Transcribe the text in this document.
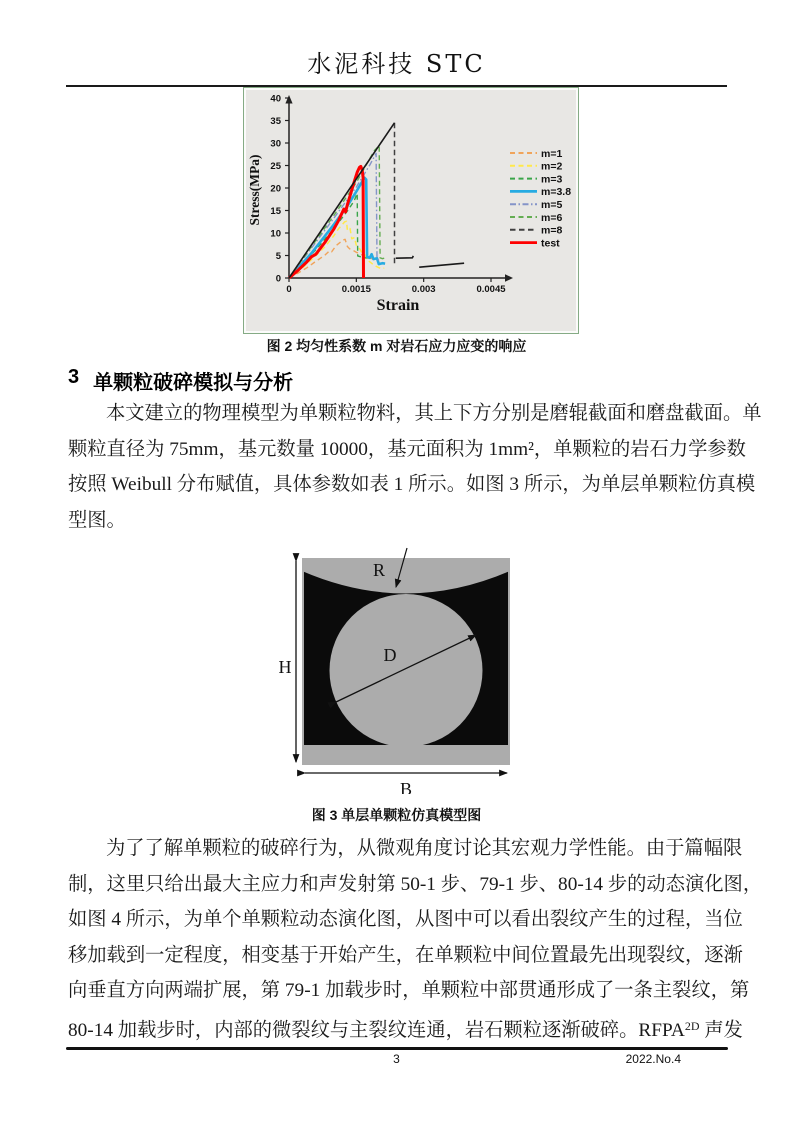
水泥科技 STC
0
5
10
15
20
25
30
35
40
0	0.0015	0.003	0.0045
Stress(MPa)
Strain
m=1
m=2
m=3
m=3.8
m=5
m=6
m=8
test
图 2 均匀性系数 m 对岩石应力应变的响应
3 单颗粒破碎模拟与分析
本文建立的物理模型为单颗粒物料，其上下方分别是磨辊截面和磨盘截面。单
颗粒直径为 75mm，基元数量 10000，基元面积为 1mm²，单颗粒的岩石力学参数
按照 Weibull 分布赋值，具体参数如表 1 所示。如图 3 所示，为单层单颗粒仿真模
型图。
H
B
D
R
图 3 单层单颗粒仿真模型图
为了了解单颗粒的破碎行为，从微观角度讨论其宏观力学性能。由于篇幅限
制，这里只给出最大主应力和声发射第 50-1 步、79-1 步、80-14 步的动态演化图，
如图 4 所示，为单个单颗粒动态演化图，从图中可以看出裂纹产生的过程，当位
移加载到一定程度，相变基于开始产生，在单颗粒中间位置最先出现裂纹，逐渐
向垂直方向两端扩展，第 79-1 加载步时，单颗粒中部贯通形成了一条主裂纹，第
80-14 加载步时，内部的微裂纹与主裂纹连通，岩石颗粒逐渐破碎。$RFPA^{2D}$ 声发
3	2022.No.4
